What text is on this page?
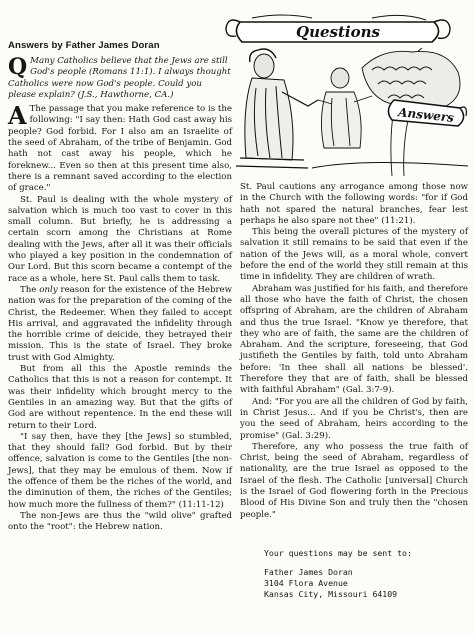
Questions
Answers
Answers by Father James Doran
Q Many Catholics believe that the Jews are still God's people (Romans 11:1). I always thought Catholics were now God's people. Could you please explain? (J.S., Hawthorne, CA.)
A The passage that you make reference to is the following: "I say then: Hath God cast away his people? God forbid. For I also am an Israelite of the seed of Abraham, of the tribe of Benjamin. God hath not cast away his people, which he foreknew... Even so then at this present time also, there is a remnant saved according to the election of grace."

St. Paul is dealing with the whole mystery of salvation which is much too vast to cover in this small column. But briefly, he is addressing a certain scorn among the Christians at Rome dealing with the Jews, after all it was their officials who played a key position in the condemnation of Our Lord. But this scorn became a contempt of the race as a whole, here St. Paul calls them to task.

The only reason for the existence of the Hebrew nation was for the preparation of the coming of the Christ, the Redeemer. When they failed to accept His arrival, and aggravated the infidelity through the horrible crime of deicide, they betrayed their mission. This is the state of Israel. They broke trust with God Almighty.

But from all this the Apostle reminds the Catholics that this is not a reason for contempt. It was their infidelity which brought mercy to the Gentiles in an amazing way. But that the gifts of God are without repentence. In the end these will return to their Lord.

"I say then, have they [the Jews] so stumbled, that they should fall? God forbid. But by their offence, salvation is come to the Gentiles [the non-Jews], that they may be emulous of them. Now if the offence of them be the riches of the world, and the diminution of them, the riches of the Gentiles; how much more the fullness of them?" (11:11-12)

The non-Jews are thus the "wild olive" grafted onto the "root": the Hebrew nation.

St. Paul cautions any arrogance among those now in the Church with the following words: "for if God hath not spared the natural branches, fear lest perhaps he also spare not thee" (11:21).

This being the overall pictures of the mystery of salvation it still remains to be said that even if the nation of the Jews will, as a moral whole, convert before the end of the world they still remain at this time in infidelity. They are children of wrath.

Abraham was justified for his faith, and therefore all those who have the faith of Christ, the chosen offspring of Abraham, are the children of Abraham and thus the true Israel. "Know ye therefore, that they who are of faith, the same are the children of Abraham. And the scripture, foreseeing, that God justifieth the Gentiles by faith, told unto Abraham before: 'In thee shall all nations be blessed'. Therefore they that are of faith, shall be blessed with faithful Abraham" (Gal. 3:7-9).

And: "For you are all the children of God by faith, in Christ Jesus... And if you be Christ's, then are you the seed of Abraham, heirs according to the promise" (Gal. 3:29).

Therefore, any who possess the true faith of Christ, being the seed of Abraham, regardless of nationality, are the true Israel as opposed to the Israel of the flesh. The Catholic [universal] Church is the Israel of God flowering forth in the Precious Blood of His Divine Son and truly then the "chosen people."

Your questions may be sent to:
Father James Doran
3104 Flora Avenue
Kansas City, Missouri 64109
